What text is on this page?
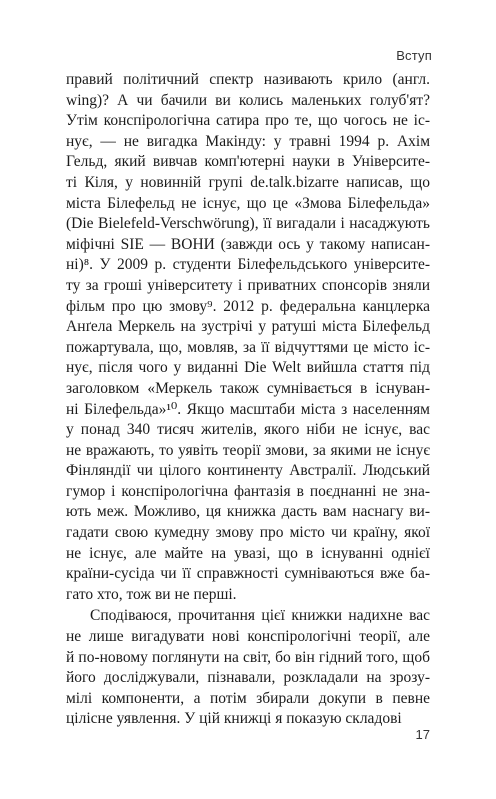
Вступ

правий політичний спектр називають крило (англ.
wing)? А чи бачили ви колись маленьких голуб'ят?
Утім конспірологічна сатира про те, що чогось не іс-
нує, — не вигадка Макінду: у травні 1994 р. Ахім
Гельд, який вивчав комп'ютерні науки в Університе-
ті Кіля, у новинній групі de.talk.bizarre написав, що
міста Білефельд не існує, що це «Змова Білефельда»
(Die Bielefeld-Verschwörung), її вигадали і насаджують
міфічні SIE — ВОНИ (завжди ось у такому написан-
ні)⁸. У 2009 р. студенти Білефельдського університе-
ту за гроші університету і приватних спонсорів зняли
фільм про цю змову⁹. 2012 р. федеральна канцлерка
Анґела Меркель на зустрічі у ратуші міста Білефельд
пожартувала, що, мовляв, за її відчуттями це місто іс-
нує, після чого у виданні Die Welt вийшла стаття під
заголовком «Меркель також сумнівається в існуван-
ні Білефельда»¹⁰. Якщо масштаби міста з населенням
у понад 340 тисяч жителів, якого ніби не існує, вас
не вражають, то уявіть теорії змови, за якими не існує
Фінляндії чи цілого континенту Австралії. Людський
гумор і конспірологічна фантазія в поєднанні не зна-
ють меж. Можливо, ця книжка дасть вам наснагу ви-
гадати свою кумедну змову про місто чи країну, якої
не існує, але майте на увазі, що в існуванні однієї
країни-сусіда чи її справжності сумніваються вже ба-
гато хто, тож ви не перші.

Сподіваюся, прочитання цієї книжки надихне вас
не лише вигадувати нові конспірологічні теорії, але
й по-новому поглянути на світ, бо він гідний того, щоб
його досліджували, пізнавали, розкладали на зрозу-
мілі компоненти, а потім збирали докупи в певне
цілісне уявлення. У цій книжці я показую складові

17
